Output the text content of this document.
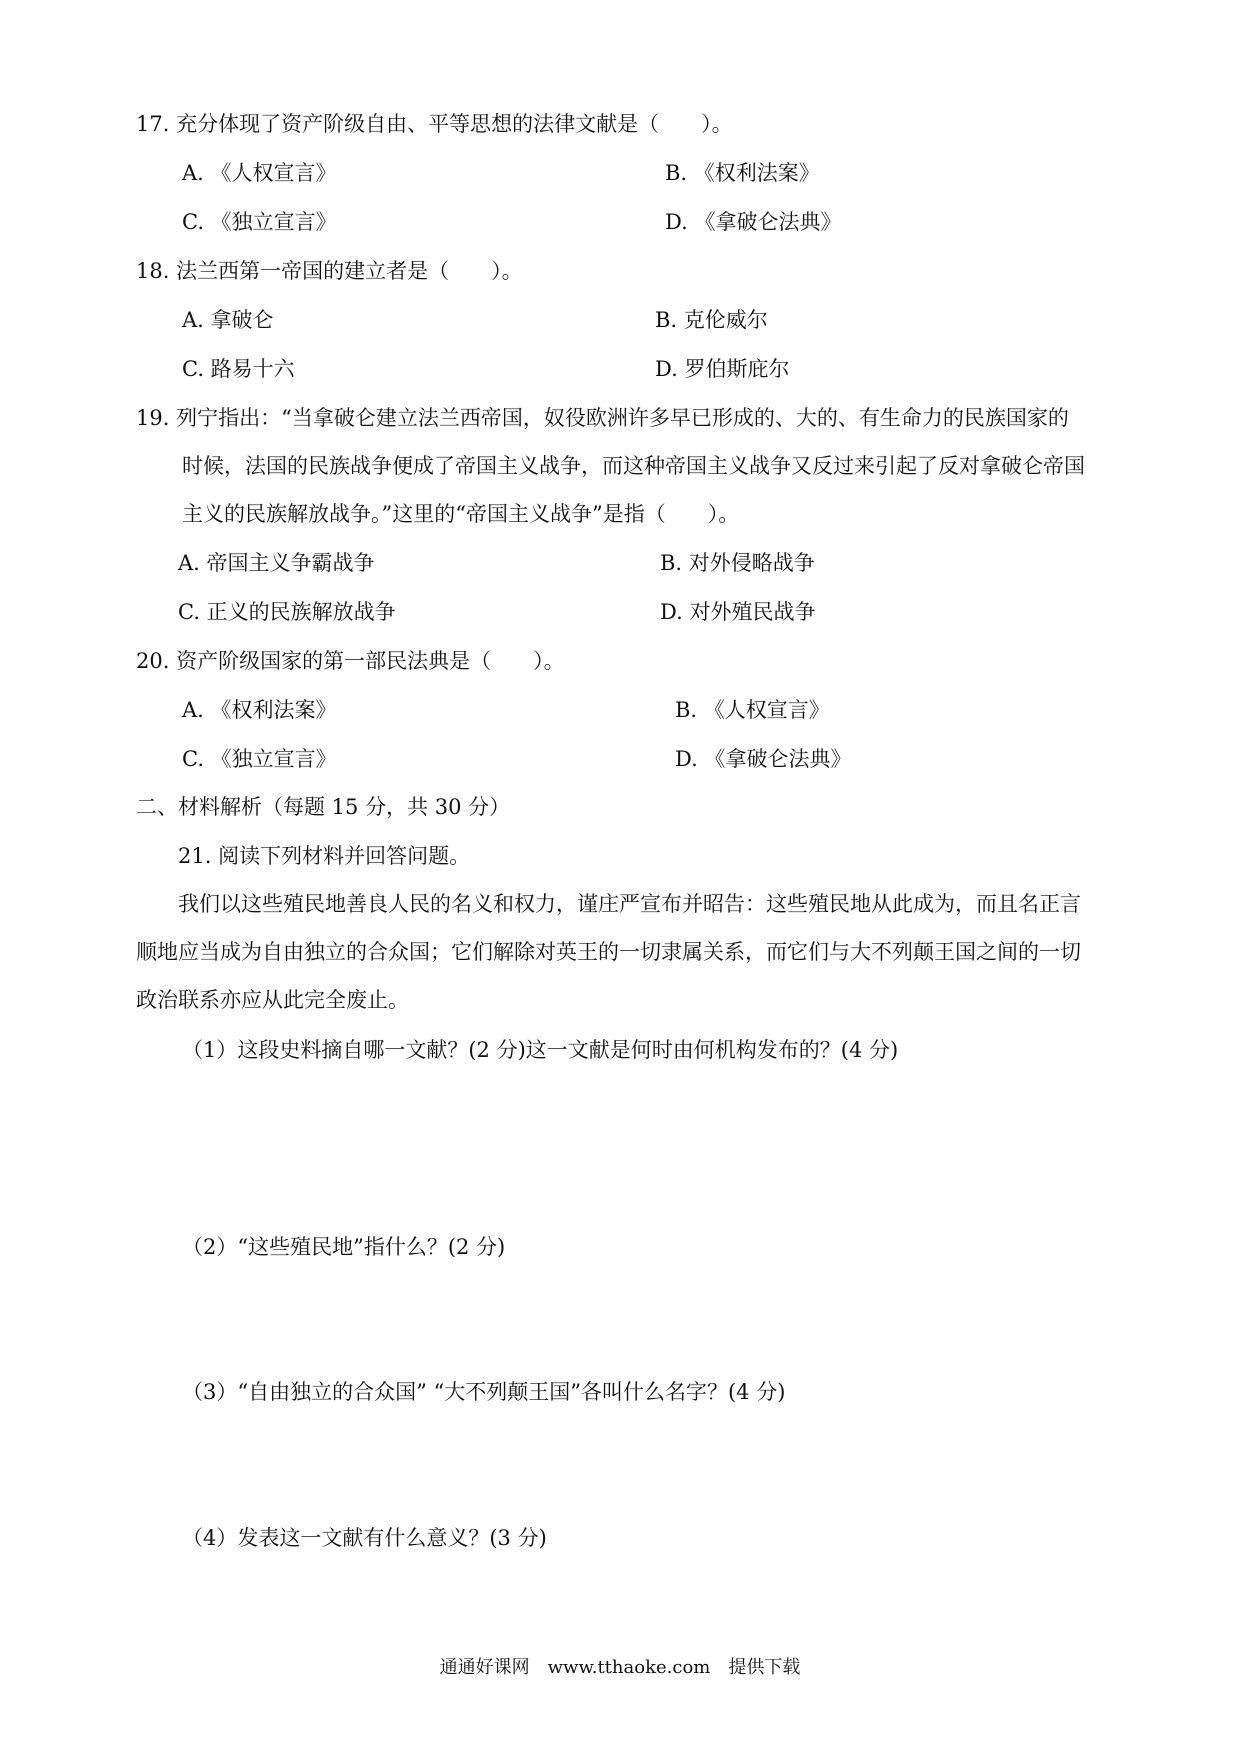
17. 充分体现了资产阶级自由、平等思想的法律文献是（　　）。
A. 《人权宣言》	B. 《权利法案》
C. 《独立宣言》	D. 《拿破仑法典》
18. 法兰西第一帝国的建立者是（　　）。
A. 拿破仑	B. 克伦威尔
C. 路易十六	D. 罗伯斯庇尔
19. 列宁指出：“当拿破仑建立法兰西帝国，奴役欧洲许多早已形成的、大的、有生命力的民族国家的
时候，法国的民族战争便成了帝国主义战争，而这种帝国主义战争又反过来引起了反对拿破仑帝国
主义的民族解放战争。”这里的“帝国主义战争”是指（　　）。
A. 帝国主义争霸战争	B. 对外侵略战争
C. 正义的民族解放战争	D. 对外殖民战争
20. 资产阶级国家的第一部民法典是（　　）。
A. 《权利法案》	B. 《人权宣言》
C. 《独立宣言》	D. 《拿破仑法典》
二、材料解析（每题 15 分，共 30 分）
21. 阅读下列材料并回答问题。
我们以这些殖民地善良人民的名义和权力，谨庄严宣布并昭告：这些殖民地从此成为，而且名正言
顺地应当成为自由独立的合众国；它们解除对英王的一切隶属关系，而它们与大不列颠王国之间的一切
政治联系亦应从此完全废止。
（1）这段史料摘自哪一文献？(2 分)这一文献是何时由何机构发布的？(4 分)
（2）“这些殖民地”指什么？(2 分)
（3）“自由独立的合众国” “大不列颠王国”各叫什么名字？(4 分)
（4）发表这一文献有什么意义？(3 分)
通通好课网　www.tthaoke.com　提供下载
